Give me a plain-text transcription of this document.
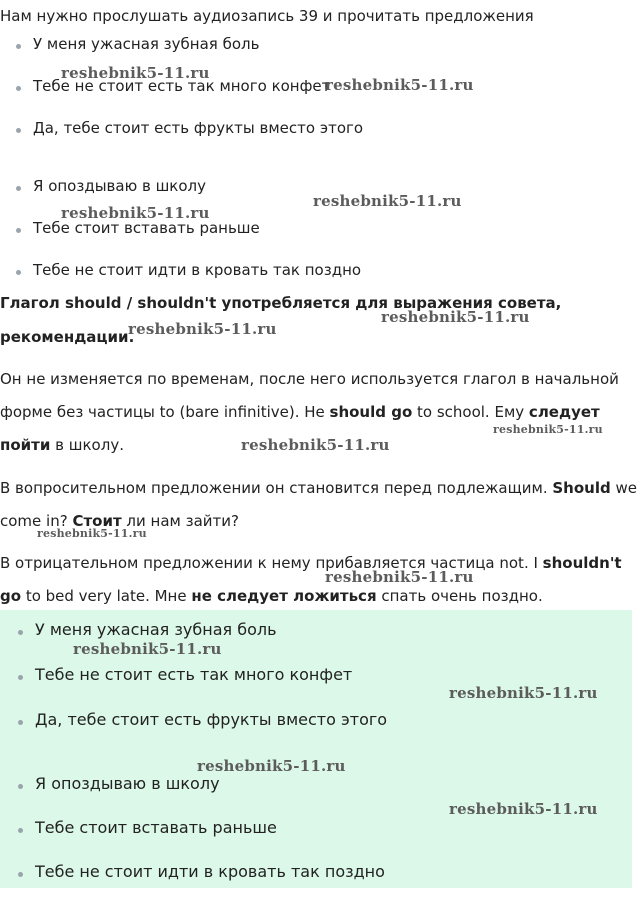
Нам нужно прослушать аудиозапись 39 и прочитать предложения
У меня ужасная зубная боль
Тебе не стоит есть так много конфет
Да, тебе стоит есть фрукты вместо этого
Я опоздываю в школу
Тебе стоит вставать раньше
Тебе не стоит идти в кровать так поздно
Глагол should / shouldn't употребляется для выражения совета,
рекомендации.
Он не изменяется по временам, после него используется глагол в начальной
форме без частицы to (bare infinitive). Не should go to school. Ему следует
пойти в школу.
В вопросительном предложении он становится перед подлежащим. Should we
come in? Стоит ли нам зайти?
В отрицательном предложении к нему прибавляется частица not. I shouldn't
go to bed very late. Мне не следует ложиться спать очень поздно.
У меня ужасная зубная боль
Тебе не стоит есть так много конфет
Да, тебе стоит есть фрукты вместо этого
Я опоздываю в школу
Тебе стоит вставать раньше
Тебе не стоит идти в кровать так поздно
reshebnik5-11.ru
reshebnik5-11.ru
reshebnik5-11.ru
reshebnik5-11.ru
reshebnik5-11.ru
reshebnik5-11.ru
reshebnik5-11.ru
reshebnik5-11.ru
reshebnik5-11.ru
reshebnik5-11.ru
reshebnik5-11.ru
reshebnik5-11.ru
reshebnik5-11.ru
reshebnik5-11.ru
